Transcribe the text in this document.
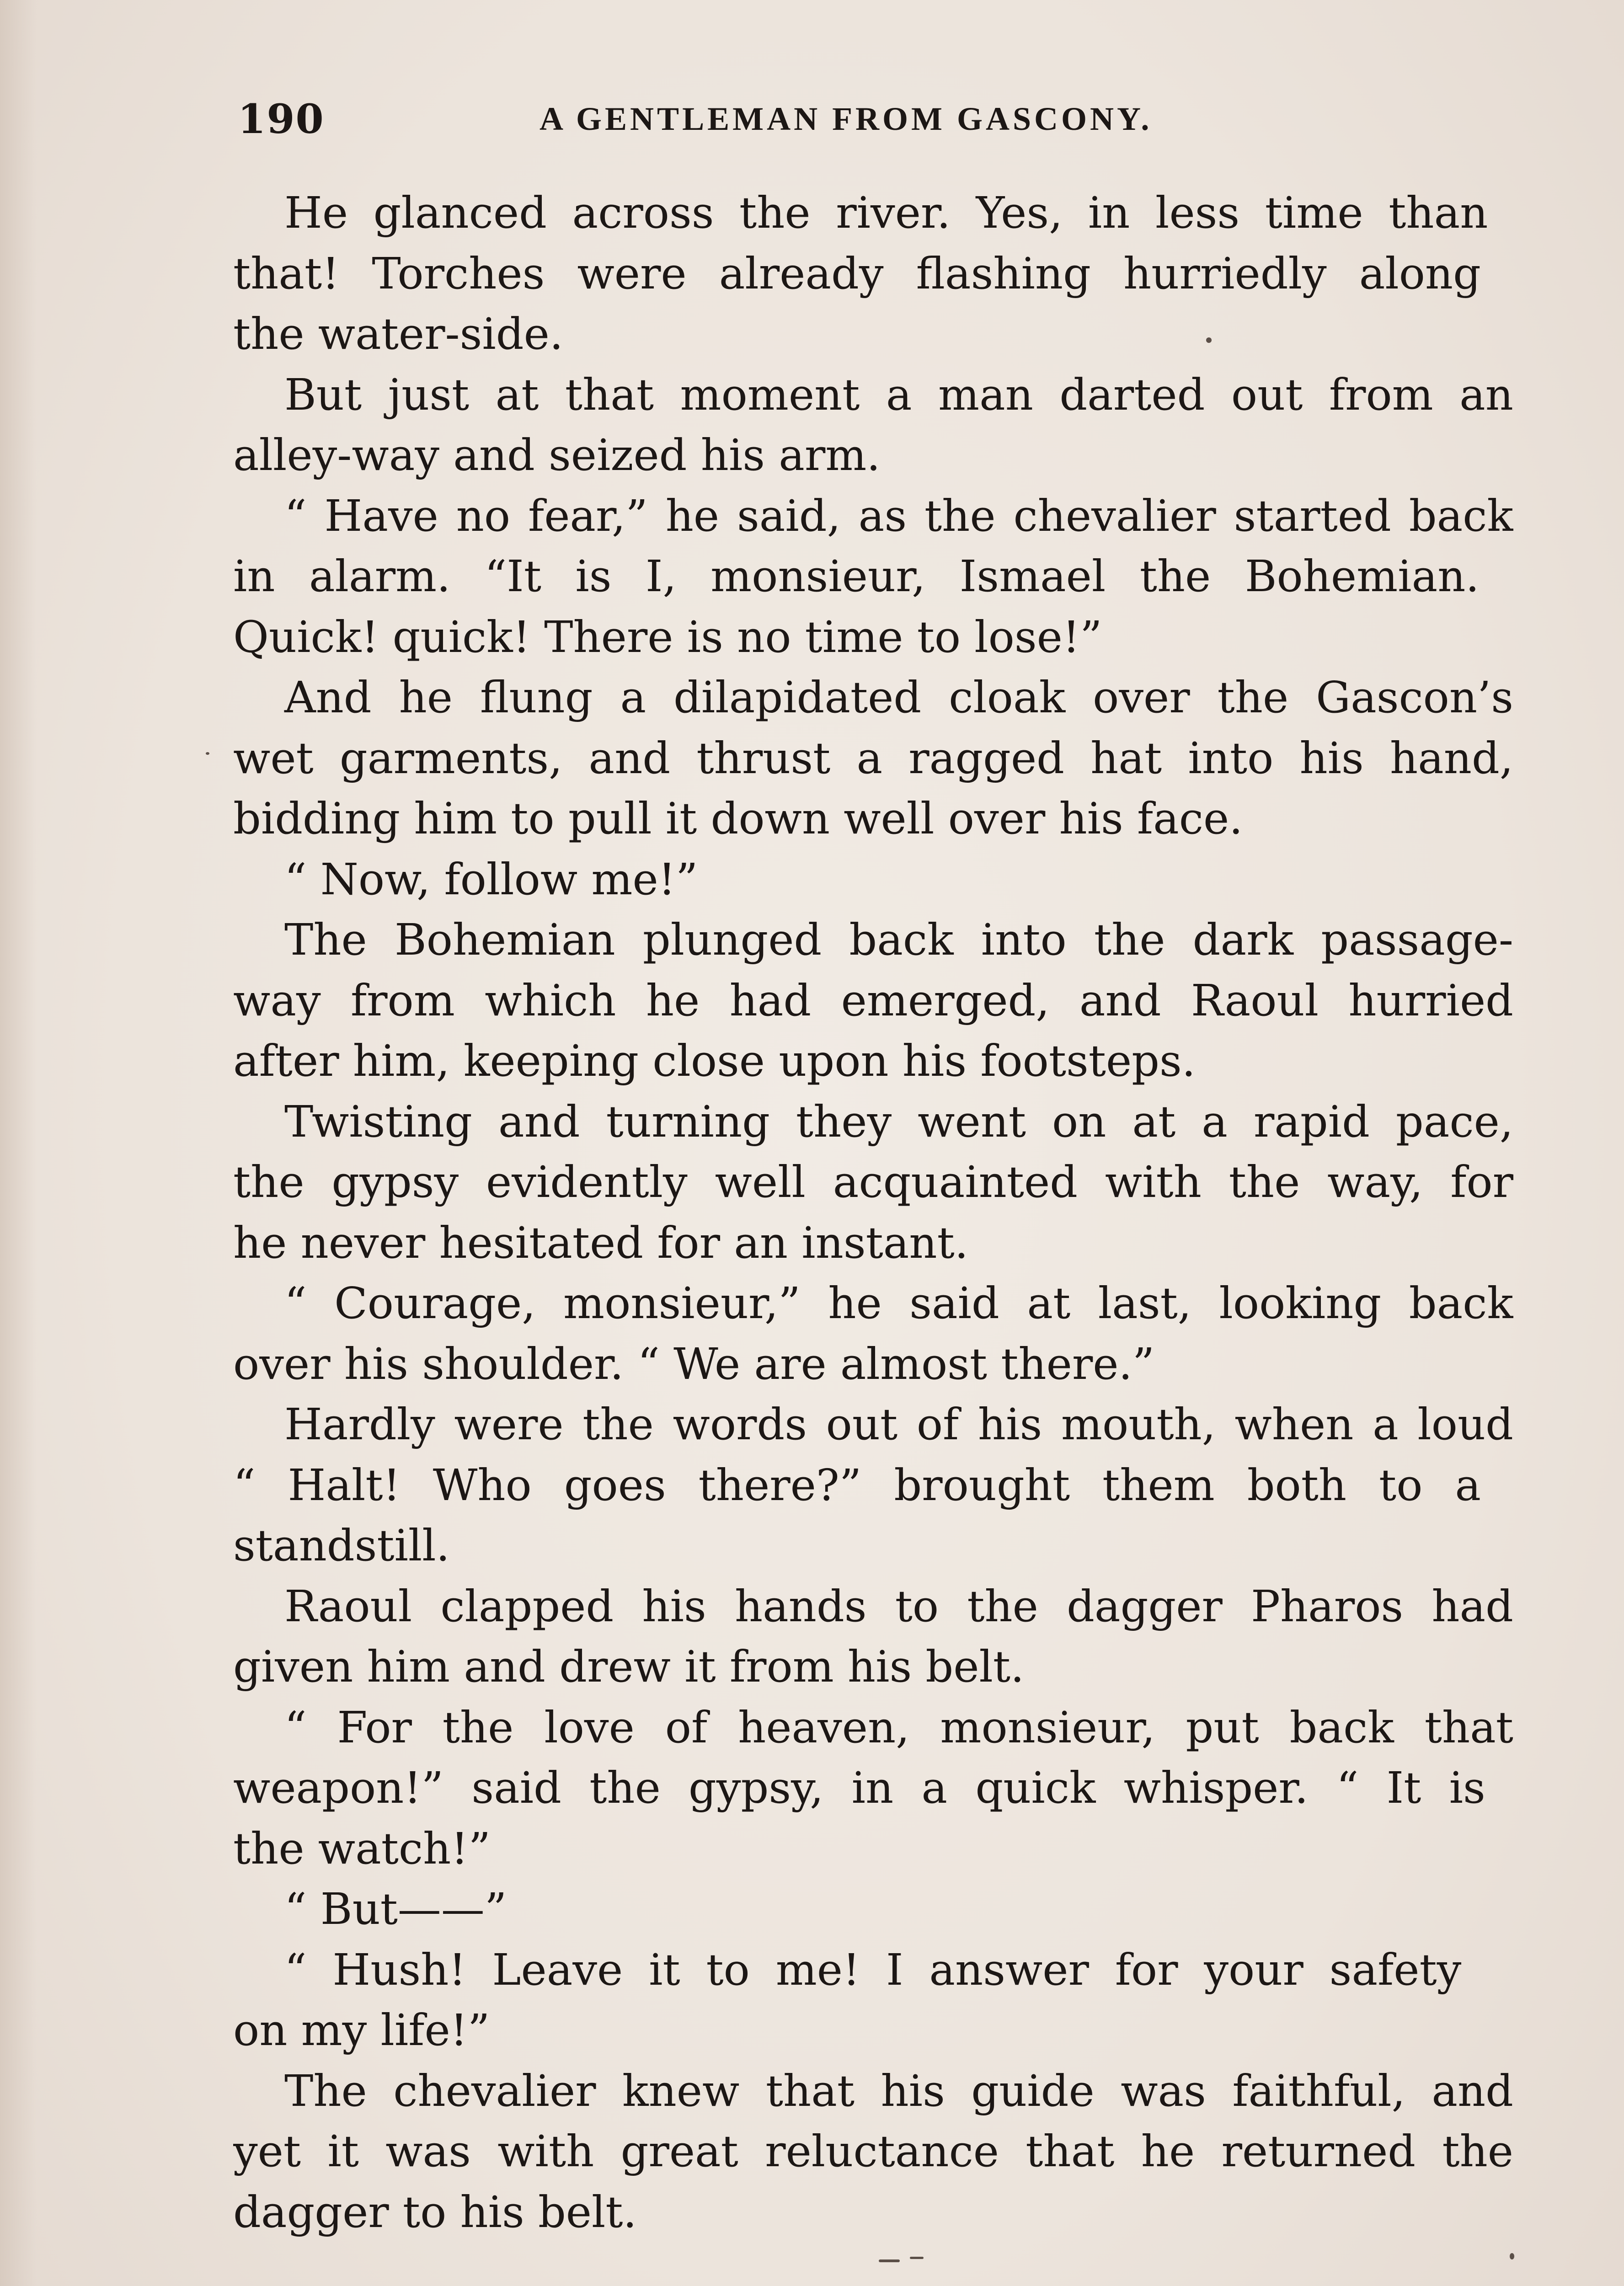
190	A GENTLEMAN FROM GASCONY.

He glanced across the river. Yes, in less time than
that! Torches were already flashing hurriedly along
the water-side.

But just at that moment a man darted out from an
alley-way and seized his arm.

“ Have no fear,” he said, as the chevalier started back
in alarm. “It is I, monsieur, Ismael the Bohemian.
Quick! quick! There is no time to lose!”

And he flung a dilapidated cloak over the Gascon’s
wet garments, and thrust a ragged hat into his hand,
bidding him to pull it down well over his face.

“ Now, follow me!”

The Bohemian plunged back into the dark passage-
way from which he had emerged, and Raoul hurried
after him, keeping close upon his footsteps.

Twisting and turning they went on at a rapid pace,
the gypsy evidently well acquainted with the way, for
he never hesitated for an instant.

“ Courage, monsieur,” he said at last, looking back
over his shoulder. “ We are almost there.”

Hardly were the words out of his mouth, when a loud
“ Halt! Who goes there?” brought them both to a
standstill.

Raoul clapped his hands to the dagger Pharos had
given him and drew it from his belt.

“ For the love of heaven, monsieur, put back that
weapon!” said the gypsy, in a quick whisper. “ It is
the watch!”

“ But——”

“ Hush! Leave it to me! I answer for your safety
on my life!”

The chevalier knew that his guide was faithful, and
yet it was with great reluctance that he returned the
dagger to his belt.
